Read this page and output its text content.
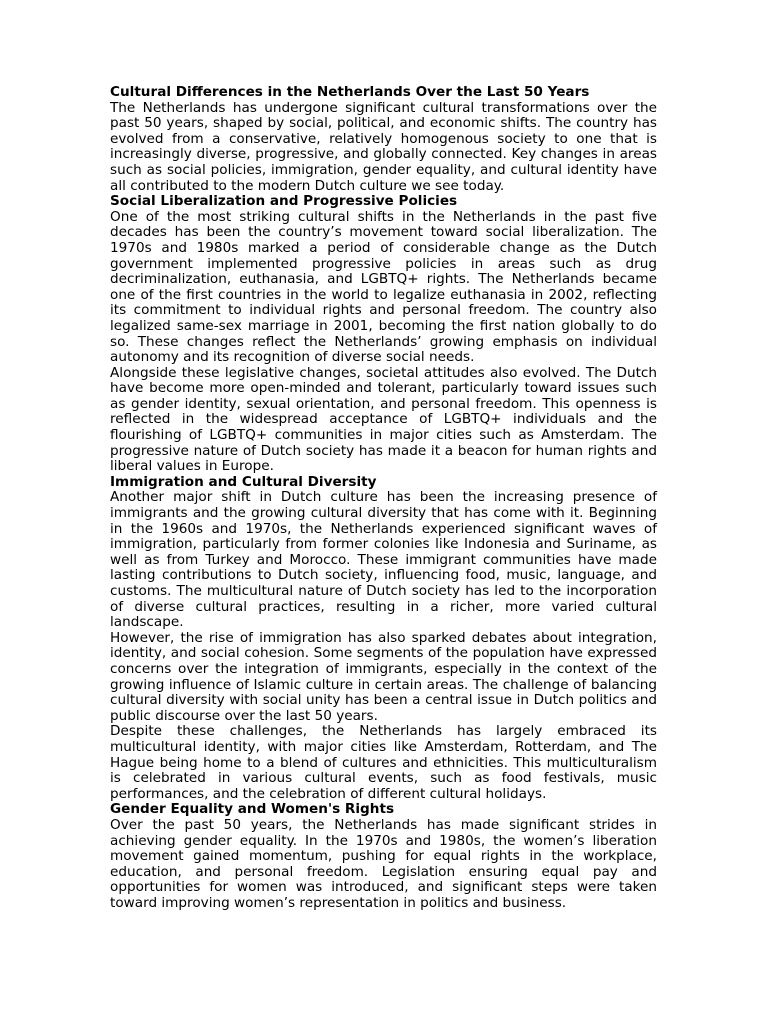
Cultural Differences in the Netherlands Over the Last 50 Years

The Netherlands has undergone significant cultural transformations over the past 50 years, shaped by social, political, and economic shifts. The country has evolved from a conservative, relatively homogenous society to one that is increasingly diverse, progressive, and globally connected. Key changes in areas such as social policies, immigration, gender equality, and cultural identity have all contributed to the modern Dutch culture we see today.

Social Liberalization and Progressive Policies

One of the most striking cultural shifts in the Netherlands in the past five decades has been the country’s movement toward social liberalization. The 1970s and 1980s marked a period of considerable change as the Dutch government implemented progressive policies in areas such as drug decriminalization, euthanasia, and LGBTQ+ rights. The Netherlands became one of the first countries in the world to legalize euthanasia in 2002, reflecting its commitment to individual rights and personal freedom. The country also legalized same-sex marriage in 2001, becoming the first nation globally to do so. These changes reflect the Netherlands’ growing emphasis on individual autonomy and its recognition of diverse social needs.

Alongside these legislative changes, societal attitudes also evolved. The Dutch have become more open-minded and tolerant, particularly toward issues such as gender identity, sexual orientation, and personal freedom. This openness is reflected in the widespread acceptance of LGBTQ+ individuals and the flourishing of LGBTQ+ communities in major cities such as Amsterdam. The progressive nature of Dutch society has made it a beacon for human rights and liberal values in Europe.

Immigration and Cultural Diversity

Another major shift in Dutch culture has been the increasing presence of immigrants and the growing cultural diversity that has come with it. Beginning in the 1960s and 1970s, the Netherlands experienced significant waves of immigration, particularly from former colonies like Indonesia and Suriname, as well as from Turkey and Morocco. These immigrant communities have made lasting contributions to Dutch society, influencing food, music, language, and customs. The multicultural nature of Dutch society has led to the incorporation of diverse cultural practices, resulting in a richer, more varied cultural landscape.

However, the rise of immigration has also sparked debates about integration, identity, and social cohesion. Some segments of the population have expressed concerns over the integration of immigrants, especially in the context of the growing influence of Islamic culture in certain areas. The challenge of balancing cultural diversity with social unity has been a central issue in Dutch politics and public discourse over the last 50 years.

Despite these challenges, the Netherlands has largely embraced its multicultural identity, with major cities like Amsterdam, Rotterdam, and The Hague being home to a blend of cultures and ethnicities. This multiculturalism is celebrated in various cultural events, such as food festivals, music performances, and the celebration of different cultural holidays.

Gender Equality and Women's Rights

Over the past 50 years, the Netherlands has made significant strides in achieving gender equality. In the 1970s and 1980s, the women’s liberation movement gained momentum, pushing for equal rights in the workplace, education, and personal freedom. Legislation ensuring equal pay and opportunities for women was introduced, and significant steps were taken toward improving women’s representation in politics and business.
